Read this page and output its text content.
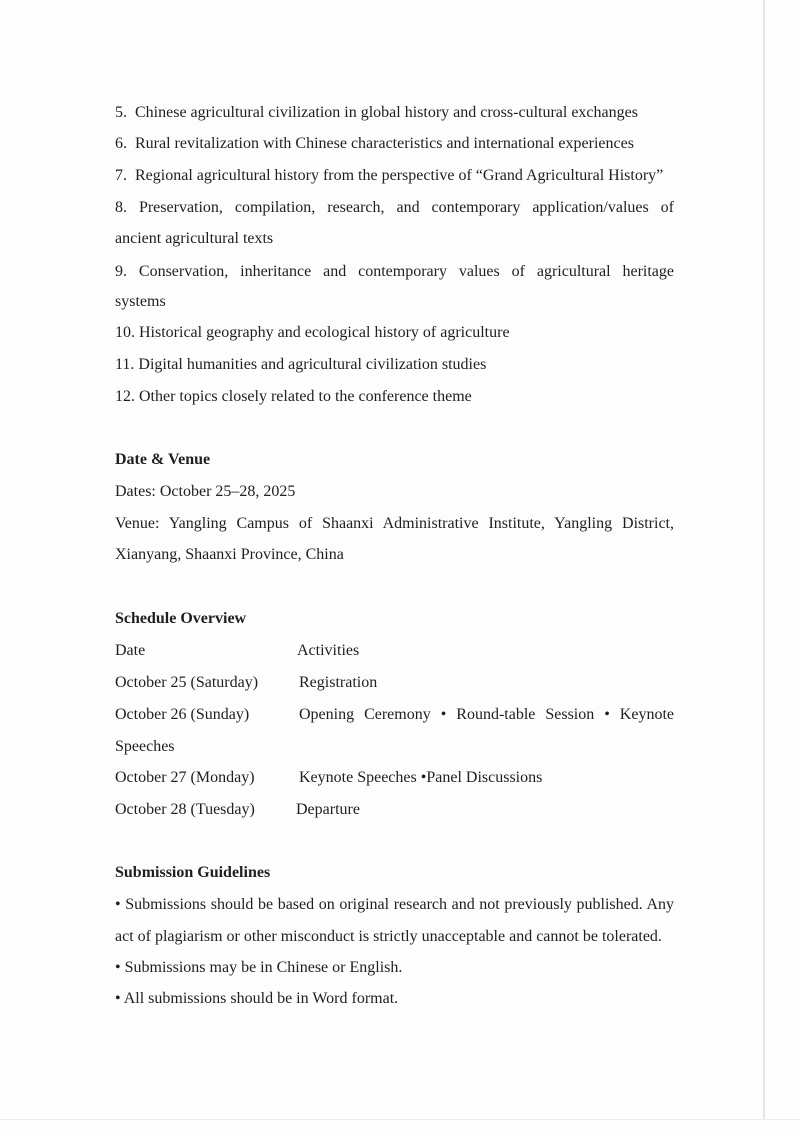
5. Chinese agricultural civilization in global history and cross-cultural exchanges
6. Rural revitalization with Chinese characteristics and international experiences
7. Regional agricultural history from the perspective of “Grand Agricultural History”
8. Preservation, compilation, research, and contemporary application/values of
ancient agricultural texts
9. Conservation, inheritance and contemporary values of agricultural heritage
systems
10. Historical geography and ecological history of agriculture
11. Digital humanities and agricultural civilization studies
12. Other topics closely related to the conference theme
Date & Venue
Dates: October 25–28, 2025
Venue: Yangling Campus of Shaanxi Administrative Institute, Yangling District,
Xianyang, Shaanxi Province, China
Schedule Overview
Date	Activities
October 25 (Saturday)	Registration
October 26 (Sunday)	Opening Ceremony • Round-table Session • Keynote
Speeches
October 27 (Monday)	Keynote Speeches •Panel Discussions
October 28 (Tuesday)	Departure
Submission Guidelines
• Submissions should be based on original research and not previously published. Any
act of plagiarism or other misconduct is strictly unacceptable and cannot be tolerated.
• Submissions may be in Chinese or English.
• All submissions should be in Word format.
